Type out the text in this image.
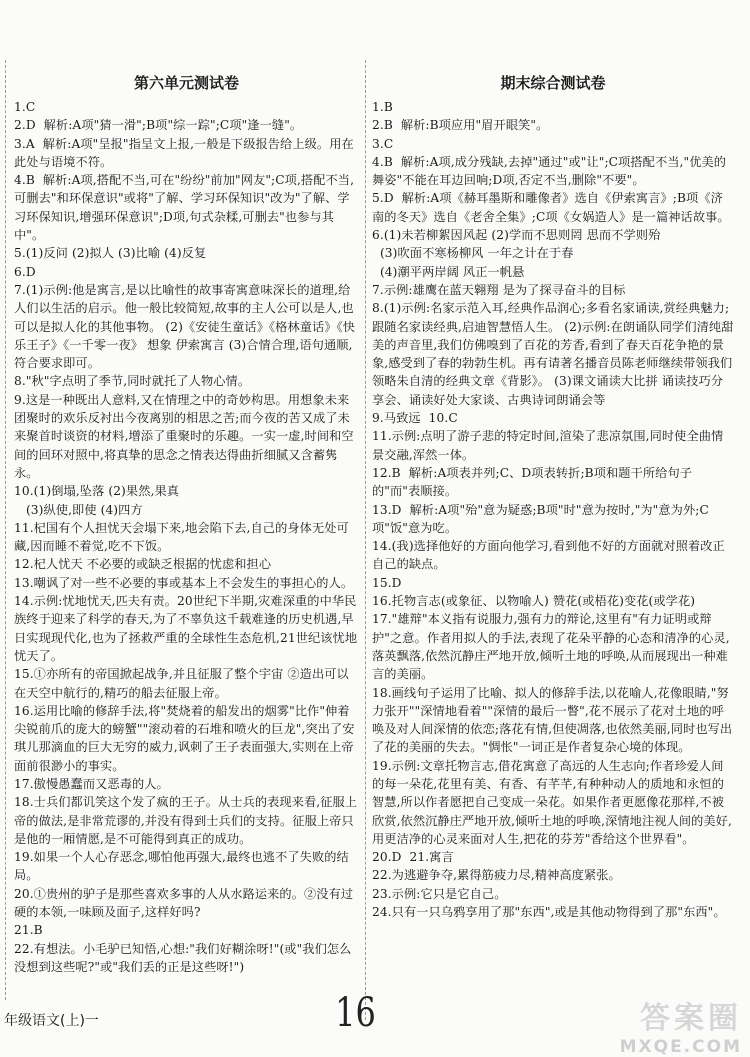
第六单元测试卷
1.C
2.D  解析:A项"猜一滑";B项"综一踪";C项"逢一缝"。
3.A  解析:A项"呈报"指呈文上报,一般是下级报告给上级。用在此处与语境不符。
4.B  解析:A项,搭配不当,可在"纷纷"前加"网友";C项,搭配不当,可删去"和环保意识"或将"了解、学习环保知识"改为"了解、学习环保知识,增强环保意识";D项,句式杂糅,可删去"也参与其中"。
5.(1)反问 (2)拟人 (3)比喻 (4)反复
6.D
7.(1)示例:他是寓言,是以比喻性的故事寄寓意味深长的道理,给人们以生活的启示。他一般比较简短,故事的主人公可以是人,也可以是拟人化的其他事物。 (2)《安徒生童话》《格林童话》《快乐王子》《一千零一夜》 想象 伊索寓言 (3)合情合理,语句通顺,符合要求即可。
8."秋"字点明了季节,同时就托了人物心情。
9.这是一种既出人意料,又在情理之中的奇妙构思。用想象未来团聚时的欢乐反衬出今夜离别的相思之苦;而今夜的苦又成了未来聚首时谈资的材料,增添了重聚时的乐趣。一实一虚,时间和空间的回环对照中,将真挚的思念之情表达得曲折细腻又含蓄隽永。
10.(1)倒塌,坠落 (2)果然,果真
(3)纵使,即使 (4)四方
11.杞国有个人担忧天会塌下来,地会陷下去,自己的身体无处可藏,因而睡不着觉,吃不下饭。
12.杞人忧天 不必要的或缺乏根据的忧虑和担心
13.嘲讽了对一些不必要的事或基本上不会发生的事担心的人。
14.示例:忧地忧天,匹夫有责。20世纪下半期,灾难深重的中华民族终于迎来了科学的春天,为了不辜负这千载难逢的历史机遇,早日实现现代化,也为了拯救严重的全球性生态危机,21世纪该忧地忧天了。
15.①亦所有的帝国掀起战争,并且征服了整个宇宙 ②造出可以在天空中航行的,精巧的船去征服上帝。
16.运用比喻的修辞手法,将"焚烧着的船发出的烟雾"比作"伸着尖锐前爪的庞大的螃蟹""滚动着的石堆和喷火的巨龙",突出了安琪儿那滴血的巨大无穷的威力,讽刺了王子表面强大,实则在上帝面前很渺小的事实。
17.傲慢愚蠢而又恶毒的人。
18.士兵们都讥笑这个发了疯的王子。从士兵的表现来看,征服上帝的做法,是非常荒谬的,并没有得到士兵们的支持。征服上帝只是他的一厢情愿,是不可能得到真正的成功。
19.如果一个人心存恶念,哪怕他再强大,最终也逃不了失败的结局。
20.①贵州的驴子是那些喜欢多事的人从水路运来的。②没有过硬的本领,一味顾及面子,这样好吗?
21.B
22.有想法。小毛驴已知悟,心想:"我们好糊涂呀!"(或"我们怎么没想到这些呢?"或"我们丢的正是这些呀!")
期末综合测试卷
1.B
2.B  解析:B项应用"眉开眼笑"。
3.C
4.B  解析:A项,成分残缺,去掉"通过"或"让";C项搭配不当,"优美的舞姿"不能在耳边回响;D项,否定不当,删除"不要"。
5.D  解析:A项《赫耳墨斯和雕像者》选自《伊索寓言》;B项《济南的冬天》选自《老舍全集》;C项《女娲造人》是一篇神话故事。
6.(1)未若柳絮因风起 (2)学而不思则罔 思而不学则殆
(3)吹面不寒杨柳风 一年之计在于春
(4)潮平两岸阔 风正一帆悬
7.示例:雄鹰在蓝天翱翔 是为了探寻奋斗的目标
8.(1)示例:名家示范入耳,经典作品润心;多看名家诵读,赏经典魅力;跟随名家读经典,启迪智慧悟人生。 (2)示例:在朗诵队同学们清纯甜美的声音里,我们仿佛嗅到了百花的芳香,看到了春天百花争艳的景象,感受到了春的勃勃生机。再有请著名播音员陈老师继续带领我们领略朱自清的经典文章《背影》。 (3)课文诵读大比拼 诵读技巧分享会、诵读好处大家谈、古典诗词朗诵会等
9.马致远  10.C
11.示例:点明了游子悲的特定时间,渲染了悲凉氛围,同时使全曲情景交融,浑然一体。
12.B  解析:A项表并列;C、D项表转折;B项和题干所给句子的"而"表顺接。
13.D  解析:A项"殆"意为疑惑;B项"时"意为按时,"为"意为外;C项"饭"意为吃。
14.(我)选择他好的方面向他学习,看到他不好的方面就对照着改正自己的缺点。
15.D
16.托物言志(或象征、以物喻人) 赞花(或梧花)变花(或学花)
17."雄辩"本义指有说服力,强有力的辩论,这里有"有力证明或辩护"之意。作者用拟人的手法,表现了花朵平静的心态和清净的心灵,落英飘落,依然沉静庄严地开放,倾听土地的呼唤,从而展现出一种难言的美丽。
18.画线句子运用了比喻、拟人的修辞手法,以花喻人,花像眼睛,"努力张开""深情地看着""深情的最后一瞥",花不展示了花对土地的呼唤及对人间深情的依恋;落花有情,但使凋落,也依然美丽,同时也写出了花的美丽的失去。"惆怅"一词正是作者复杂心境的体现。
19.示例:文章托物言志,借花寓意了高远的人生志向;作者珍爱人间的每一朵花,花里有美、有香、有芊芊,有种种动人的质地和永恒的智慧,所以作者愿把自己变成一朵花。如果作者更愿像花那样,不被欣赏,依然沉静庄严地开放,倾听土地的呼唤,深情地注视人间的美好,用更洁净的心灵来面对人生,把花的芬芳"香给这个世界看"。
20.D  21.寓言
22.为逃避争夺,累得筋疲力尽,精神高度紧张。
23.示例:它只是它自己。
24.只有一只乌鸦享用了那"东西",或是其他动物得到了那"东西"。
年级语文(上)一	16	答案圈
MXQE.COM
